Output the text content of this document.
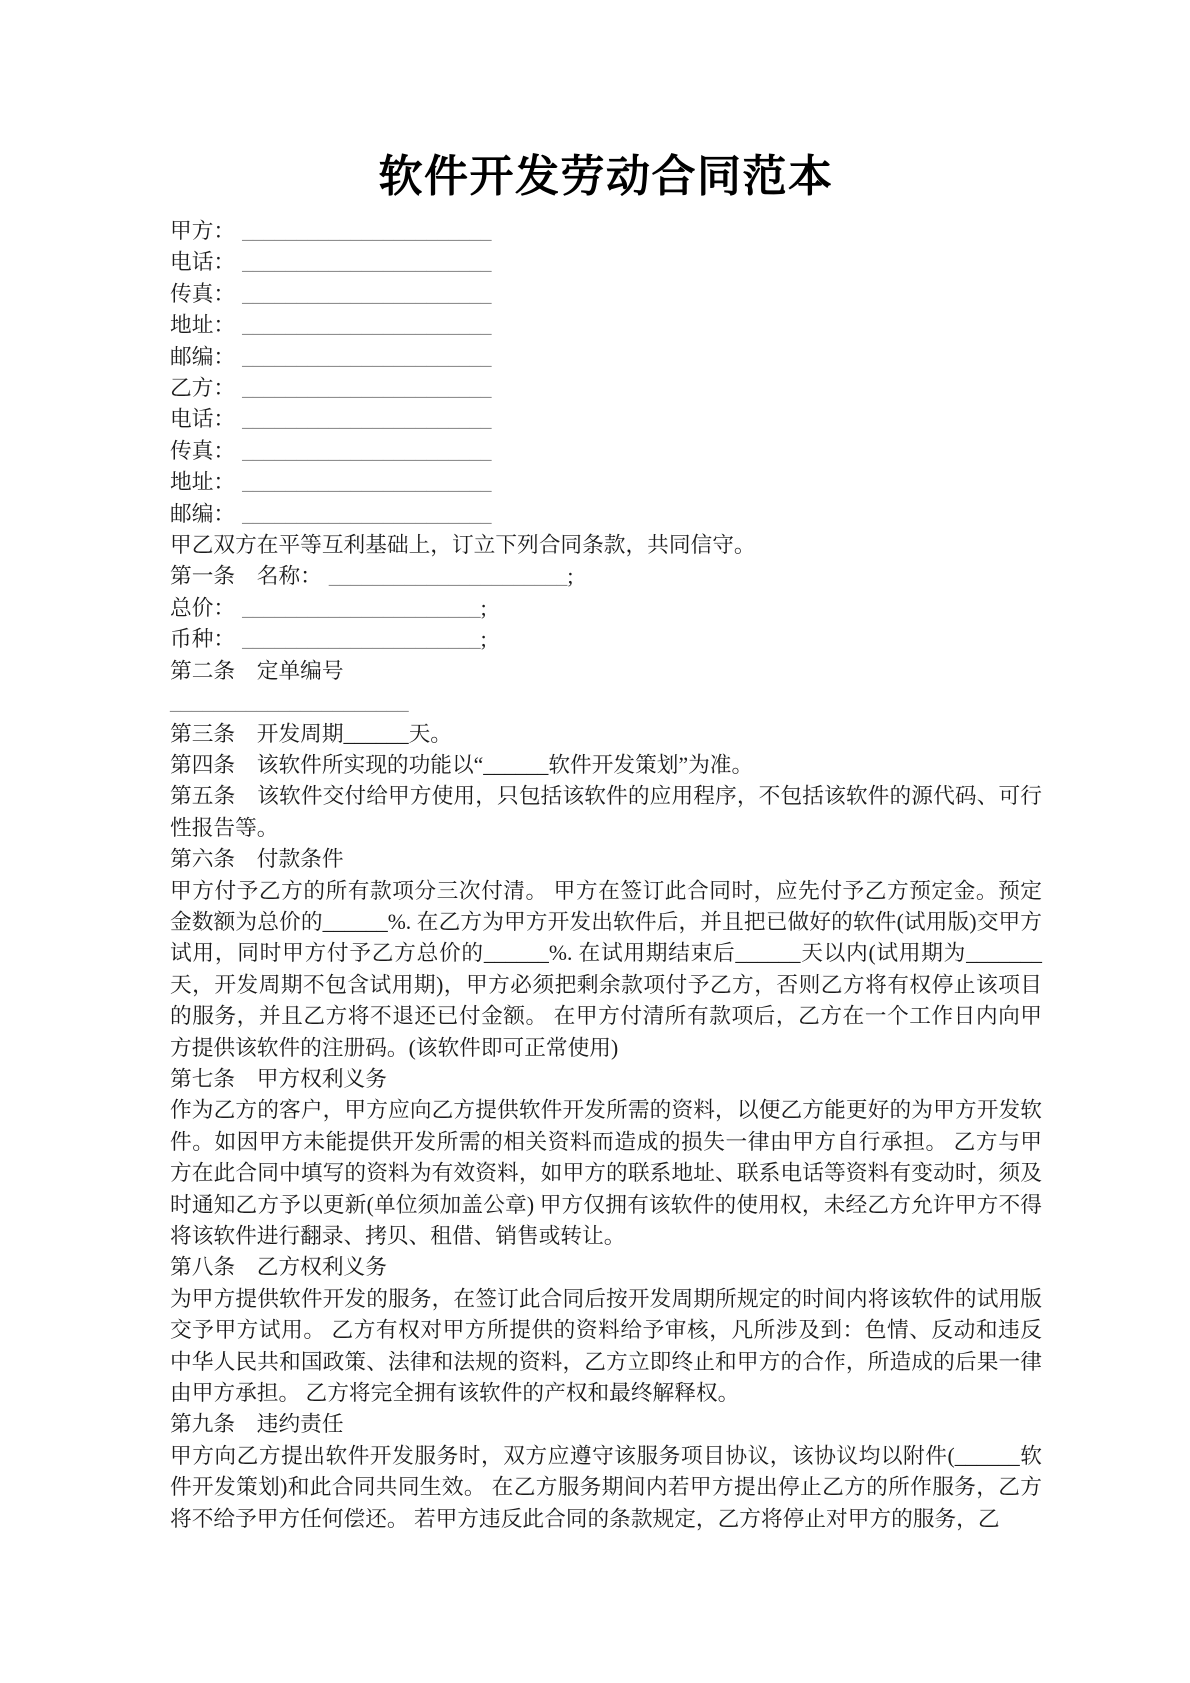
软件开发劳动合同范本
甲方： _______________________
电话： _______________________
传真： _______________________
地址： _______________________
邮编： _______________________
乙方： _______________________
电话： _______________________
传真： _______________________
地址： _______________________
邮编： _______________________

甲乙双方在平等互利基础上，订立下列合同条款，共同信守。

第一条　名称： ______________________;
总价： ______________________;
币种： ______________________;

第二条　定单编号

______________________

第三条　开发周期______天。

第四条　该软件所实现的功能以“______软件开发策划”为准。

第五条　该软件交付给甲方使用，只包括该软件的应用程序，不包括该软件的源代码、可行性报告等。

第六条　付款条件

甲方付予乙方的所有款项分三次付清。 甲方在签订此合同时，应先付予乙方预定金。预定金数额为总价的______%. 在乙方为甲方开发出软件后，并且把已做好的软件(试用版)交甲方试用，同时甲方付予乙方总价的______%. 在试用期结束后______天以内(试用期为_______天，开发周期不包含试用期)，甲方必须把剩余款项付予乙方，否则乙方将有权停止该项目的服务，并且乙方将不退还已付金额。 在甲方付清所有款项后，乙方在一个工作日内向甲方提供该软件的注册码。(该软件即可正常使用)

第七条　甲方权利义务

作为乙方的客户，甲方应向乙方提供软件开发所需的资料，以便乙方能更好的为甲方开发软件。如因甲方未能提供开发所需的相关资料而造成的损失一律由甲方自行承担。 乙方与甲方在此合同中填写的资料为有效资料，如甲方的联系地址、联系电话等资料有变动时，须及时通知乙方予以更新(单位须加盖公章) 甲方仅拥有该软件的使用权，未经乙方允许甲方不得将该软件进行翻录、拷贝、租借、销售或转让。

第八条　乙方权利义务

为甲方提供软件开发的服务，在签订此合同后按开发周期所规定的时间内将该软件的试用版交予甲方试用。 乙方有权对甲方所提供的资料给予审核，凡所涉及到：色情、反动和违反中华人民共和国政策、法律和法规的资料，乙方立即终止和甲方的合作，所造成的后果一律由甲方承担。 乙方将完全拥有该软件的产权和最终解释权。

第九条　违约责任

甲方向乙方提出软件开发服务时，双方应遵守该服务项目协议，该协议均以附件(______软件开发策划)和此合同共同生效。 在乙方服务期间内若甲方提出停止乙方的所作服务，乙方将不给予甲方任何偿还。 若甲方违反此合同的条款规定，乙方将停止对甲方的服务，乙
